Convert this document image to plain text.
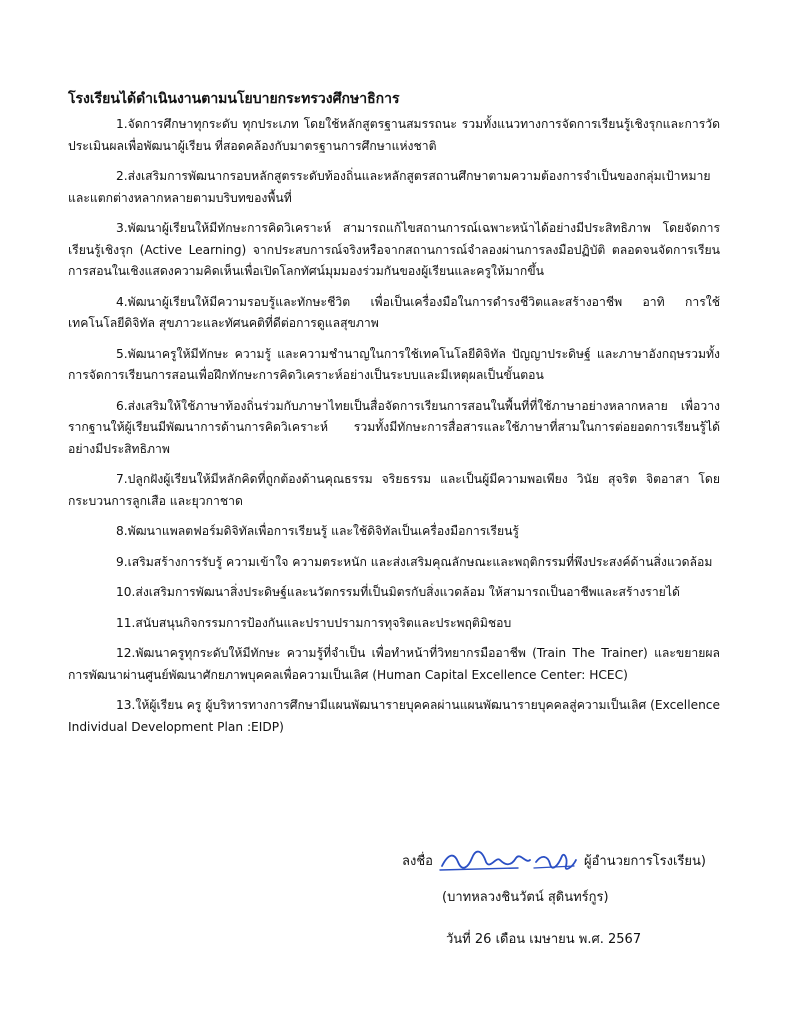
โรงเรียนได้ดำเนินงานตามนโยบายกระทรวงศึกษาธิการ

1.จัดการศึกษาทุกระดับ ทุกประเภท โดยใช้หลักสูตรฐานสมรรถนะ รวมทั้งแนวทางการจัดการเรียนรู้เชิงรุกและการวัดประเมินผลเพื่อพัฒนาผู้เรียน ที่สอดคล้องกับมาตรฐานการศึกษาแห่งชาติ

2.ส่งเสริมการพัฒนากรอบหลักสูตรระดับท้องถิ่นและหลักสูตรสถานศึกษาตามความต้องการจำเป็นของกลุ่มเป้าหมายและแตกต่างหลากหลายตามบริบทของพื้นที่

3.พัฒนาผู้เรียนให้มีทักษะการคิดวิเคราะห์ สามารถแก้ไขสถานการณ์เฉพาะหน้าได้อย่างมีประสิทธิภาพ โดยจัดการเรียนรู้เชิงรุก (Active Learning) จากประสบการณ์จริงหรือจากสถานการณ์จำลองผ่านการลงมือปฏิบัติ ตลอดจนจัดการเรียนการสอนในเชิงแสดงความคิดเห็นเพื่อเปิดโลกทัศน์มุมมองร่วมกันของผู้เรียนและครูให้มากขึ้น

4.พัฒนาผู้เรียนให้มีความรอบรู้และทักษะชีวิต เพื่อเป็นเครื่องมือในการดำรงชีวิตและสร้างอาชีพ อาทิ การใช้เทคโนโลยีดิจิทัล สุขภาวะและทัศนคติที่ดีต่อการดูแลสุขภาพ

5.พัฒนาครูให้มีทักษะ ความรู้ และความชำนาญในการใช้เทคโนโลยีดิจิทัล ปัญญาประดิษฐ์ และภาษาอังกฤษรวมทั้งการจัดการเรียนการสอนเพื่อฝึกทักษะการคิดวิเคราะห์อย่างเป็นระบบและมีเหตุผลเป็นขั้นตอน

6.ส่งเสริมให้ใช้ภาษาท้องถิ่นร่วมกับภาษาไทยเป็นสื่อจัดการเรียนการสอนในพื้นที่ที่ใช้ภาษาอย่างหลากหลาย เพื่อวางรากฐานให้ผู้เรียนมีพัฒนาการด้านการคิดวิเคราะห์ รวมทั้งมีทักษะการสื่อสารและใช้ภาษาที่สามในการต่อยอดการเรียนรู้ได้อย่างมีประสิทธิภาพ

7.ปลูกฝังผู้เรียนให้มีหลักคิดที่ถูกต้องด้านคุณธรรม จริยธรรม และเป็นผู้มีความพอเพียง วินัย สุจริต จิตอาสา โดยกระบวนการลูกเสือ และยุวกาชาด

8.พัฒนาแพลตฟอร์มดิจิทัลเพื่อการเรียนรู้ และใช้ดิจิทัลเป็นเครื่องมือการเรียนรู้

9.เสริมสร้างการรับรู้ ความเข้าใจ ความตระหนัก และส่งเสริมคุณลักษณะและพฤติกรรมที่พึงประสงค์ด้านสิ่งแวดล้อม

10.ส่งเสริมการพัฒนาสิ่งประดิษฐ์และนวัตกรรมที่เป็นมิตรกับสิ่งแวดล้อม ให้สามารถเป็นอาชีพและสร้างรายได้

11.สนับสนุนกิจกรรมการป้องกันและปราบปรามการทุจริตและประพฤติมิชอบ

12.พัฒนาครูทุกระดับให้มีทักษะ ความรู้ที่จำเป็น เพื่อทำหน้าที่วิทยากรมืออาชีพ (Train The Trainer) และขยายผลการพัฒนาผ่านศูนย์พัฒนาศักยภาพบุคคลเพื่อความเป็นเลิศ (Human Capital Excellence Center: HCEC)

13.ให้ผู้เรียน ครู ผู้บริหารทางการศึกษามีแผนพัฒนารายบุคคลผ่านแผนพัฒนารายบุคคลสู่ความเป็นเลิศ (Excellence Individual Development Plan :EIDP)

ลงชื่อ	ผู้อำนวยการโรงเรียน)
(บาทหลวงชินวัตน์ สุดินทร์กูร)
วันที่ 26 เดือน เมษายน พ.ศ. 2567
